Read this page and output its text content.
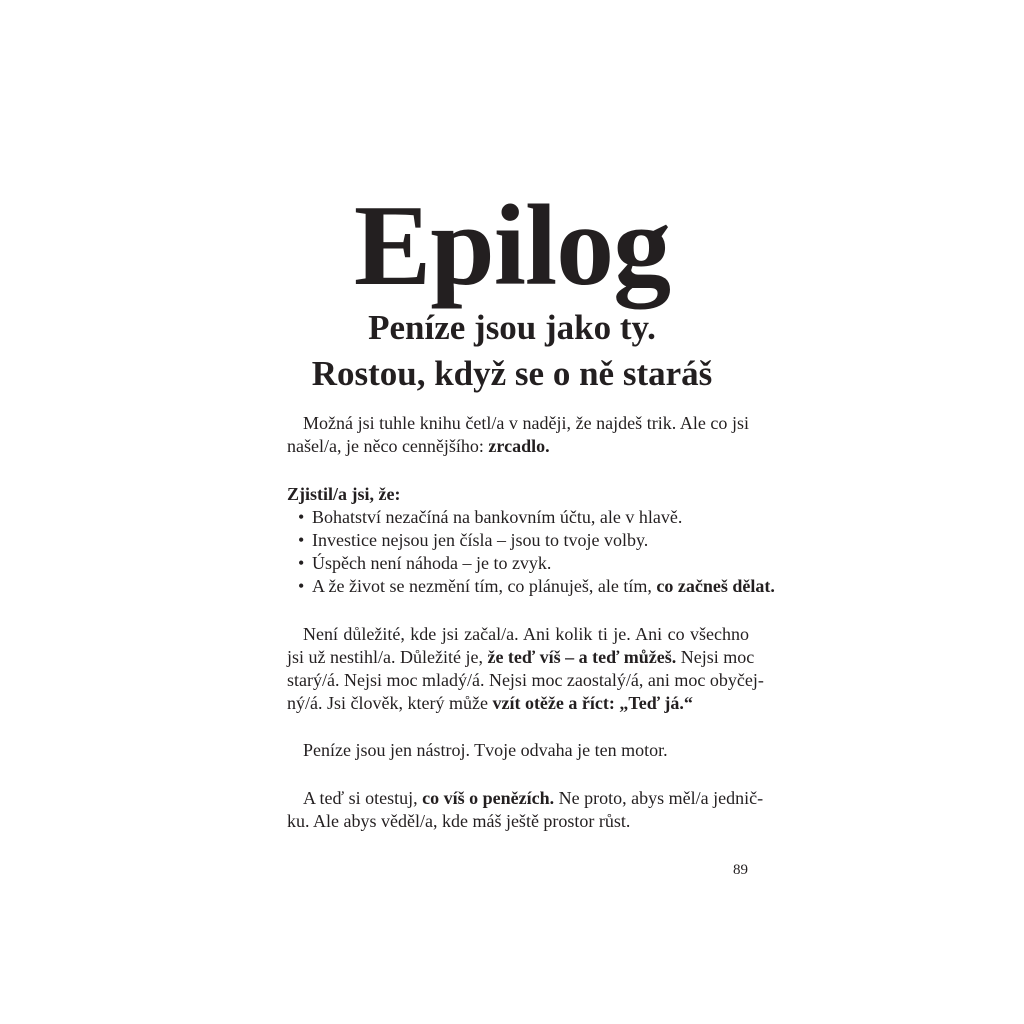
Epilog
Peníze jsou jako ty.
Rostou, když se o ně staráš
Možná jsi tuhle knihu četl/a v naději, že najdeš trik. Ale co jsi
našel/a, je něco cennějšího: zrcadlo.
Zjistil/a jsi, že:
• Bohatství nezačíná na bankovním účtu, ale v hlavě.
• Investice nejsou jen čísla – jsou to tvoje volby.
• Úspěch není náhoda – je to zvyk.
• A že život se nezmění tím, co plánuješ, ale tím, co začneš dělat.
Není důležité, kde jsi začal/a. Ani kolik ti je. Ani co všechno
jsi už nestihl/a. Důležité je, že teď víš – a teď můžeš. Nejsi moc
starý/á. Nejsi moc mladý/á. Nejsi moc zaostalý/á, ani moc obyčej-
ný/á. Jsi člověk, který může vzít otěže a říct: „Teď já.“
Peníze jsou jen nástroj. Tvoje odvaha je ten motor.
A teď si otestuj, co víš o penězích. Ne proto, abys měl/a jednič-
ku. Ale abys věděl/a, kde máš ještě prostor růst.
89
